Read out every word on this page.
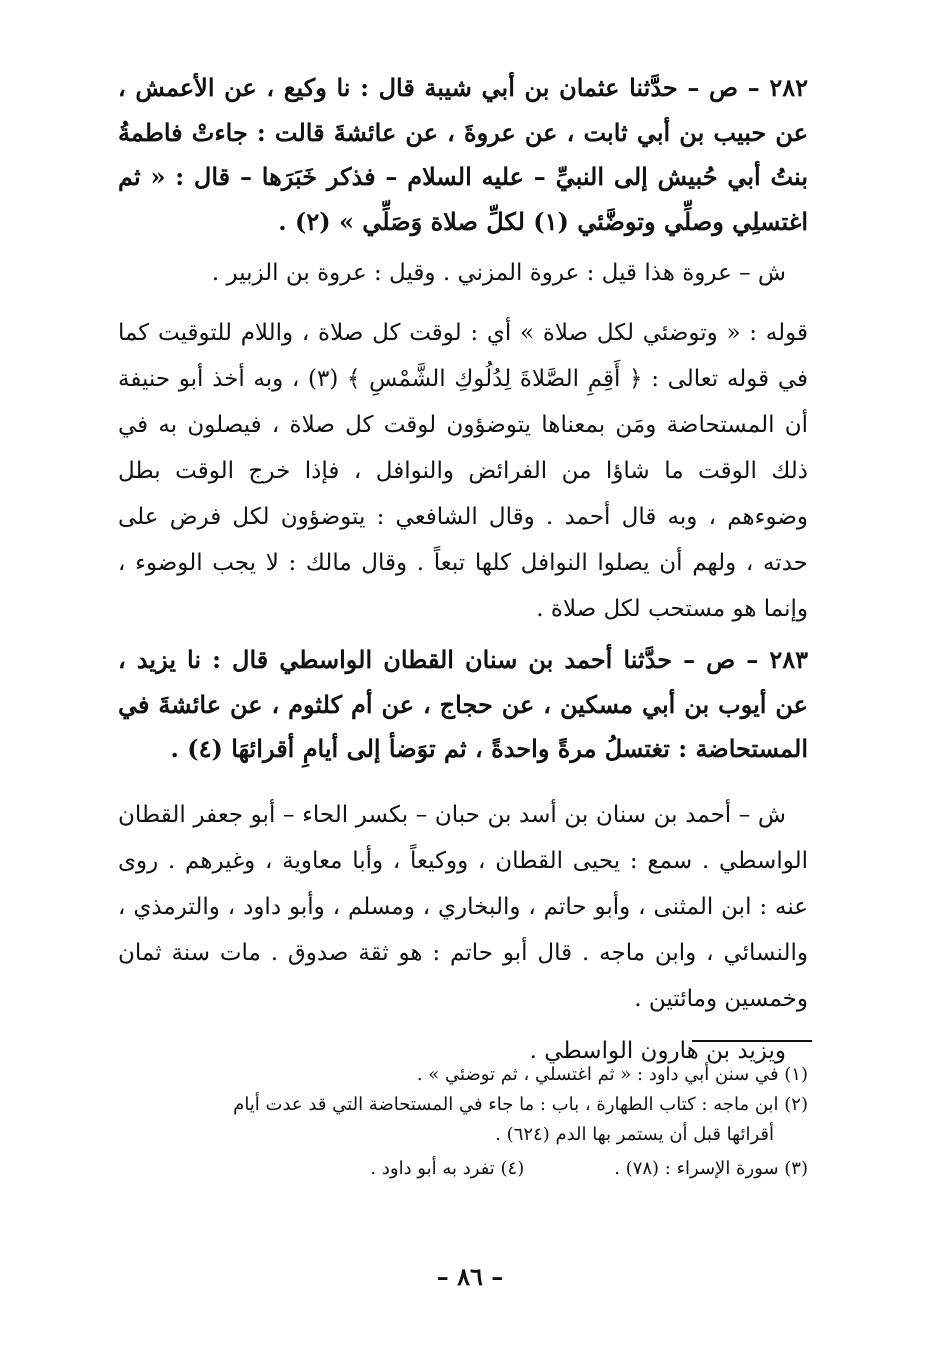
٢٨٢ – ص – حدَّثنا عثمان بن أبي شيبة قال : نا وكيع ، عن الأعمش ، عن حبيب بن أبي ثابت ، عن عروةَ ، عن عائشةَ قالت : جاءتْ فاطمةُ بنتُ أبي حُبيش إلى النبيِّ – عليه السلام – فذكر خَبَرَها – قال : « ثم اغتسلِي وصلِّي وتوضَّئي (١) لكلِّ صلاة وَصَلِّي » (٢) .

ش – عروة هذا قيل : عروة المزني . وقيل : عروة بن الزبير .

قوله : « وتوضئي لكل صلاة » أي : لوقت كل صلاة ، واللام للتوقيت كما في قوله تعالى : ﴿ أَقِمِ الصَّلاةَ لِدُلُوكِ الشَّمْسِ ﴾ (٣) ، وبه أخذ أبو حنيفة أن المستحاضة ومَن بمعناها يتوضؤون لوقت كل صلاة ، فيصلون به في ذلك الوقت ما شاؤا من الفرائض والنوافل ، فإذا خرج الوقت بطل وضوءهم ، وبه قال أحمد . وقال الشافعي : يتوضؤون لكل فرض على حدته ، ولهم أن يصلوا النوافل كلها تبعاً . وقال مالك : لا يجب الوضوء ، وإنما هو مستحب لكل صلاة .

٢٨٣ – ص – حدَّثنا أحمد بن سنان القطان الواسطي قال : نا يزيد ، عن أيوب بن أبي مسكين ، عن حجاج ، عن أم كلثوم ، عن عائشةَ في المستحاضة : تغتسلُ مرةً واحدةً ، ثم توَضأ إلى أيامِ أقرائهَا (٤) .

ش – أحمد بن سنان بن أسد بن حبان – بكسر الحاء – أبو جعفر القطان الواسطي . سمع : يحيى القطان ، ووكيعاً ، وأبا معاوية ، وغيرهم . روى عنه : ابن المثنى ، وأبو حاتم ، والبخاري ، ومسلم ، وأبو داود ، والترمذي ، والنسائي ، وابن ماجه . قال أبو حاتم : هو ثقة صدوق . مات سنة ثمان وخمسين ومائتين .

ويزيد بن هارون الواسطي .

(١) في سنن أبي داود : « ثم اغتسلي ، ثم توضئي » .

(٢) ابن ماجه : كتاب الطهارة ، باب : ما جاء في المستحاضة التي قد عدت أيام

أقرائها قبل أن يستمر بها الدم (٦٢٤) .

(٣) سورة الإسراء : (٧٨) .
(٤) تفرد به أبو داود .
– ٨٦ –
